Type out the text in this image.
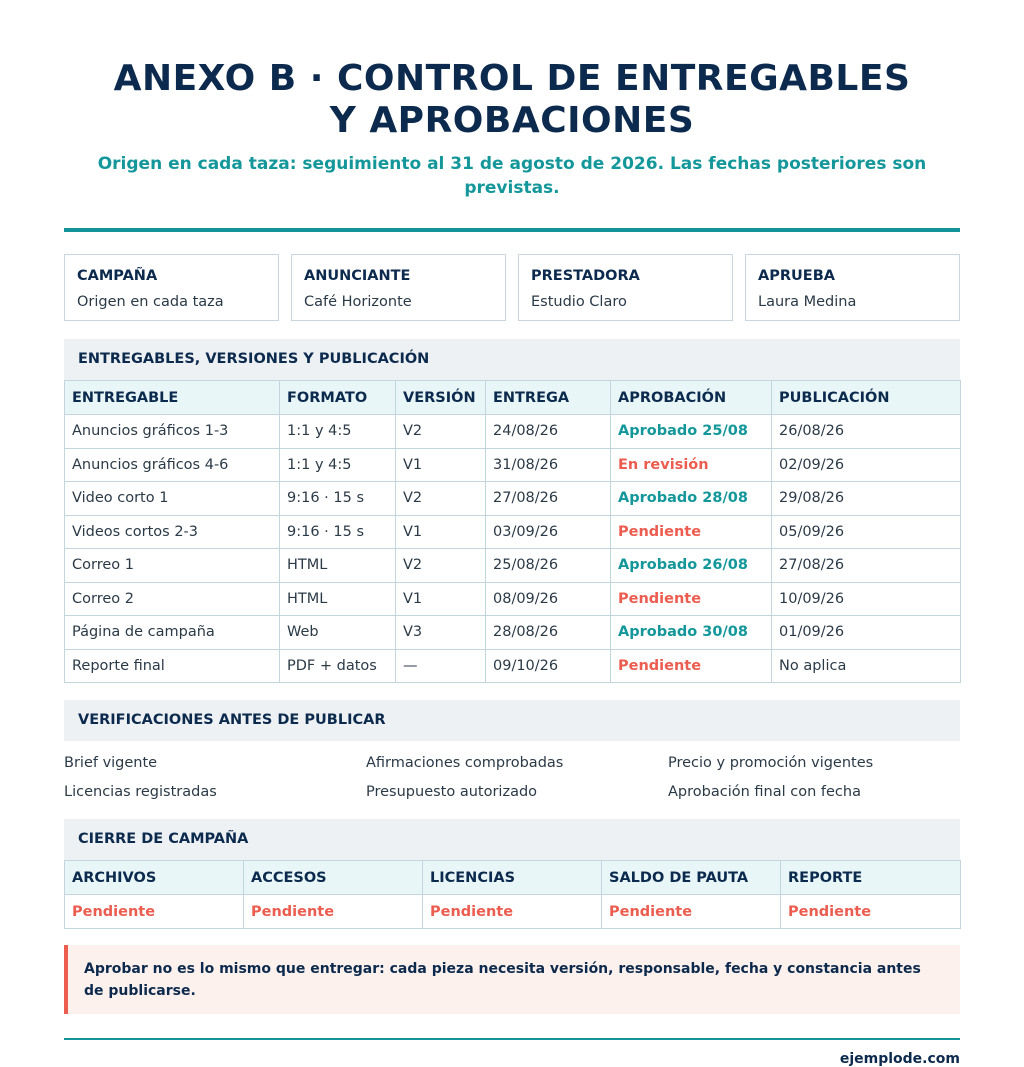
ANEXO B · CONTROL DE ENTREGABLES
Y APROBACIONES

Origen en cada taza: seguimiento al 31 de agosto de 2026. Las fechas posteriores son previstas.

CAMPAÑA
Origen en cada taza
ANUNCIANTE
Café Horizonte
PRESTADORA
Estudio Claro
APRUEBA
Laura Medina
ENTREGABLES, VERSIONES Y PUBLICACIÓN
ENTREGABLE	FORMATO	VERSIÓN	ENTREGA	APROBACIÓN	PUBLICACIÓN
Anuncios gráficos 1-3	1:1 y 4:5	V2	24/08/26	Aprobado 25/08	26/08/26
Anuncios gráficos 4-6	1:1 y 4:5	V1	31/08/26	En revisión	02/09/26
Video corto 1	9:16 · 15 s	V2	27/08/26	Aprobado 28/08	29/08/26
Videos cortos 2-3	9:16 · 15 s	V1	03/09/26	Pendiente	05/09/26
Correo 1	HTML	V2	25/08/26	Aprobado 26/08	27/08/26
Correo 2	HTML	V1	08/09/26	Pendiente	10/09/26
Página de campaña	Web	V3	28/08/26	Aprobado 30/08	01/09/26
Reporte final	PDF + datos	—	09/10/26	Pendiente	No aplica
VERIFICACIONES ANTES DE PUBLICAR
Brief vigente	Afirmaciones comprobadas	Precio y promoción vigentes
Licencias registradas	Presupuesto autorizado	Aprobación final con fecha
CIERRE DE CAMPAÑA
ARCHIVOS	ACCESOS	LICENCIAS	SALDO DE PAUTA	REPORTE
Pendiente	Pendiente	Pendiente	Pendiente	Pendiente
Aprobar no es lo mismo que entregar: cada pieza necesita versión, responsable, fecha y constancia antes de publicarse.
ejemplode.com
